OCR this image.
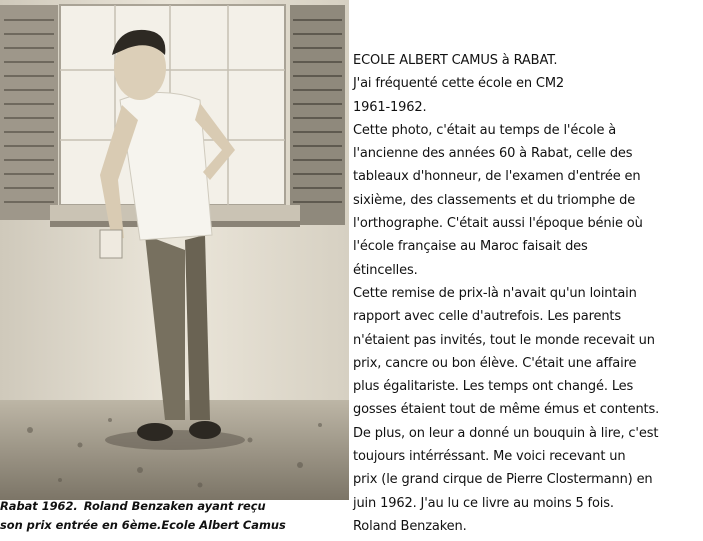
Rabat 1962. Roland Benzaken ayant reçu
son prix entrée en 6ème.Ecole Albert Camus
ECOLE ALBERT CAMUS à RABAT.
J'ai fréquenté cette école en CM2
1961-1962.
Cette photo, c'était au temps de l'école à
l'ancienne des années 60 à Rabat, celle des
tableaux d'honneur, de l'examen d'entrée en
sixième, des classements et du triomphe de
l'orthographe. C'était aussi l'époque bénie où
l'école française au Maroc faisait des
étincelles.
Cette remise de prix-là n'avait qu'un lointain
rapport avec celle d'autrefois. Les parents
n'étaient pas invités, tout le monde recevait un
prix, cancre ou bon élève. C'était une affaire
plus égalitariste. Les temps ont changé. Les
gosses étaient tout de même émus et contents.
De plus, on leur a donné un bouquin à lire, c'est
toujours intérréssant. Me voici recevant un
prix (le grand cirque de Pierre Clostermann) en
juin 1962. J'au lu ce livre au moins 5 fois.
Roland Benzaken.
